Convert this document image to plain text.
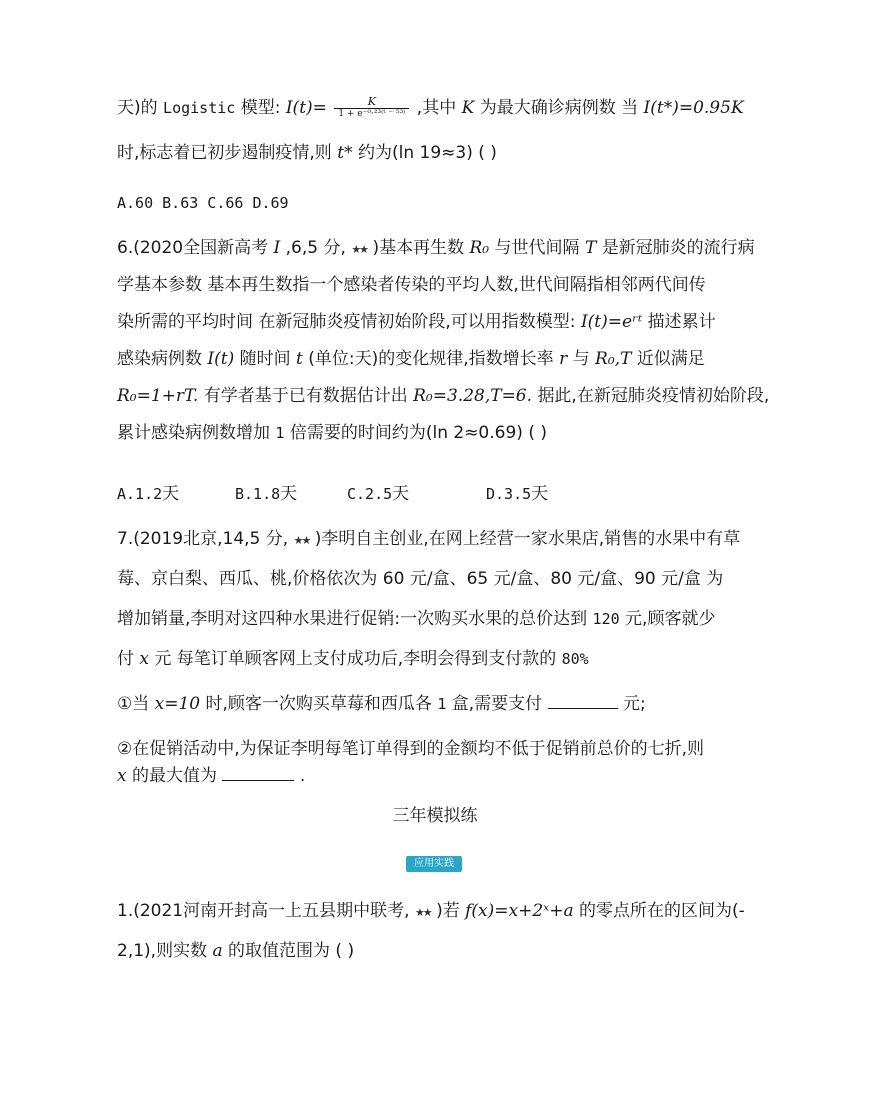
天)的 Logistic 模型: $I(t)= \frac{K}{\text{1 + e⁻⁰·²³⁽ᵗ ⁻ ⁵³⁾}}$ ,其中 K 为最大确诊病例数 当 I(t*)=0.95K
时,标志着已初步遏制疫情,则 t* 约为(ln 19≈3) ( )
A.60 B.63 C.66 D.69
6.(2020全国新高考 Ⅰ ,6,5 分, ★★ )基本再生数 R₀ 与世代间隔 T 是新冠肺炎的流行病
学基本参数 基本再生数指一个感染者传染的平均人数,世代间隔指相邻两代间传
染所需的平均时间 在新冠肺炎疫情初始阶段,可以用指数模型: I(t)=eʳᵗ 描述累计
感染病例数 I(t) 随时间 t (单位:天)的变化规律,指数增长率 r 与 R₀,T 近似满足
R₀=1+rT. 有学者基于已有数据估计出 R₀=3.28,T=6. 据此,在新冠肺炎疫情初始阶段,
累计感染病例数增加 1 倍需要的时间约为(ln 2≈0.69) ( )
A.1.2天	B.1.8天	C.2.5天	D.3.5天
7.(2019北京,14,5 分, ★★ )李明自主创业,在网上经营一家水果店,销售的水果中有草
莓、京白梨、西瓜、桃,价格依次为 60 元/盒、65 元/盒、80 元/盒、90 元/盒 为
增加销量,李明对这四种水果进行促销:一次购买水果的总价达到 120 元,顾客就少
付 x 元 每笔订单顾客网上支付成功后,李明会得到支付款的 80%
①当 x=10 时,顾客一次购买草莓和西瓜各 1 盒,需要支付	元;
②在促销活动中,为保证李明每笔订单得到的金额均不低于促销前总价的七折,则
x 的最大值为	.
三年模拟练
应用实践
1.(2021河南开封高一上五县期中联考, ★★ )若 f(x)=x+2ˣ+a 的零点所在的区间为(-
2,1),则实数 a 的取值范围为 ( )
